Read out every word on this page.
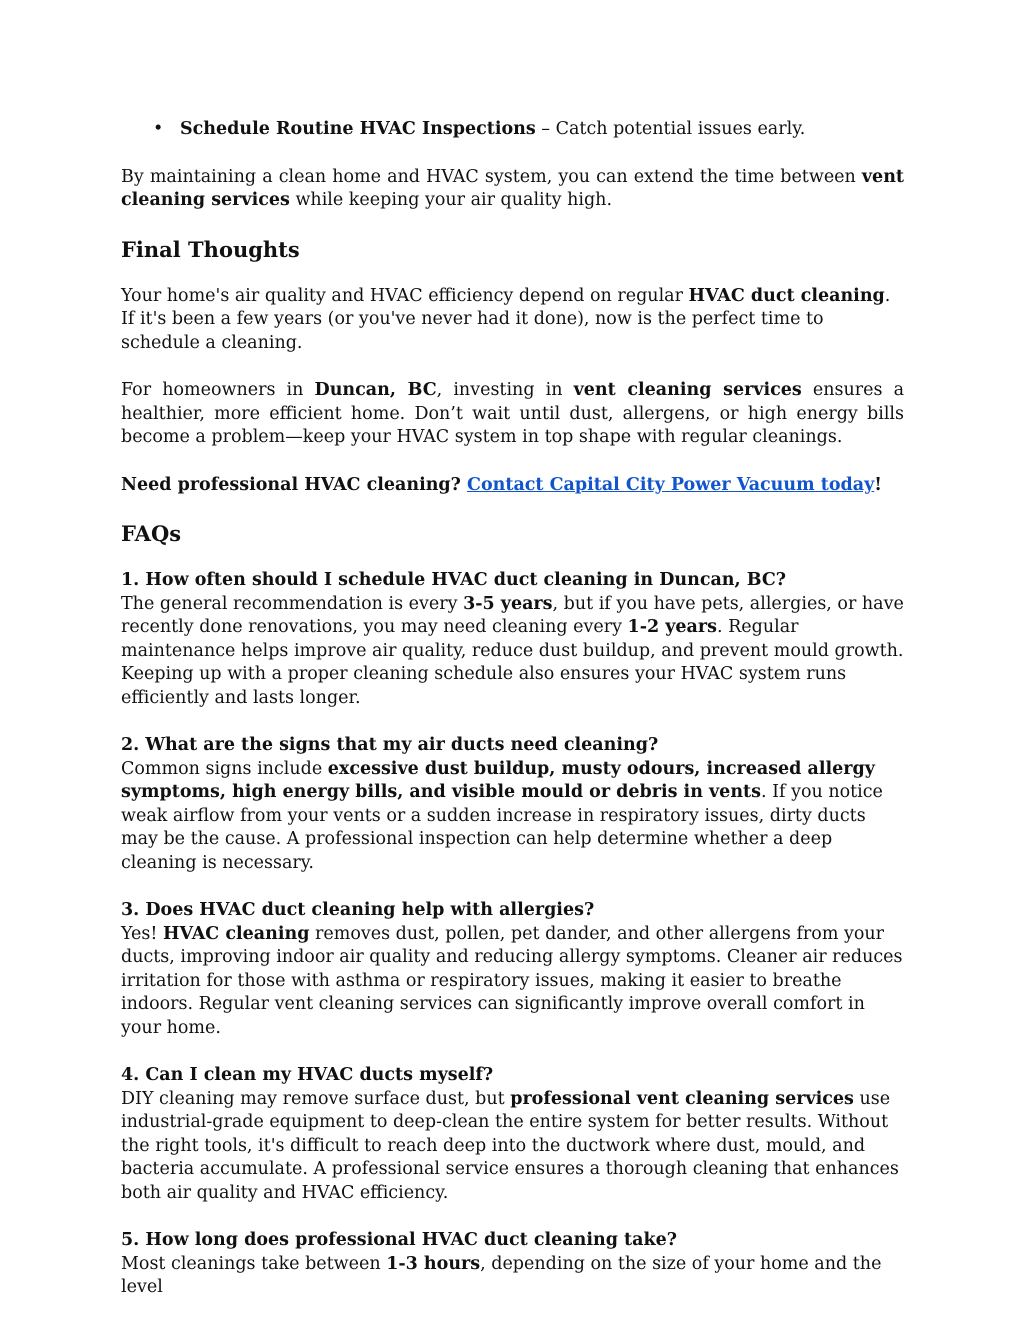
• Schedule Routine HVAC Inspections – Catch potential issues early.

By maintaining a clean home and HVAC system, you can extend the time between vent cleaning services while keeping your air quality high.

Final Thoughts

Your home's air quality and HVAC efficiency depend on regular HVAC duct cleaning. If it's been a few years (or you've never had it done), now is the perfect time to schedule a cleaning.

For homeowners in Duncan, BC, investing in vent cleaning services ensures a healthier, more efficient home. Don’t wait until dust, allergens, or high energy bills become a problem—keep your HVAC system in top shape with regular cleanings.

Need professional HVAC cleaning? Contact Capital City Power Vacuum today!

FAQs
1. How often should I schedule HVAC duct cleaning in Duncan, BC?
The general recommendation is every 3-5 years, but if you have pets, allergies, or have recently done renovations, you may need cleaning every 1-2 years. Regular maintenance helps improve air quality, reduce dust buildup, and prevent mould growth. Keeping up with a proper cleaning schedule also ensures your HVAC system runs efficiently and lasts longer.
2. What are the signs that my air ducts need cleaning?
Common signs include excessive dust buildup, musty odours, increased allergy symptoms, high energy bills, and visible mould or debris in vents. If you notice weak airflow from your vents or a sudden increase in respiratory issues, dirty ducts may be the cause. A professional inspection can help determine whether a deep cleaning is necessary.
3. Does HVAC duct cleaning help with allergies?
Yes! HVAC cleaning removes dust, pollen, pet dander, and other allergens from your ducts, improving indoor air quality and reducing allergy symptoms. Cleaner air reduces irritation for those with asthma or respiratory issues, making it easier to breathe indoors. Regular vent cleaning services can significantly improve overall comfort in your home.
4. Can I clean my HVAC ducts myself?
DIY cleaning may remove surface dust, but professional vent cleaning services use industrial-grade equipment to deep-clean the entire system for better results. Without the right tools, it's difficult to reach deep into the ductwork where dust, mould, and bacteria accumulate. A professional service ensures a thorough cleaning that enhances both air quality and HVAC efficiency.
5. How long does professional HVAC duct cleaning take?
Most cleanings take between 1-3 hours, depending on the size of your home and the level
